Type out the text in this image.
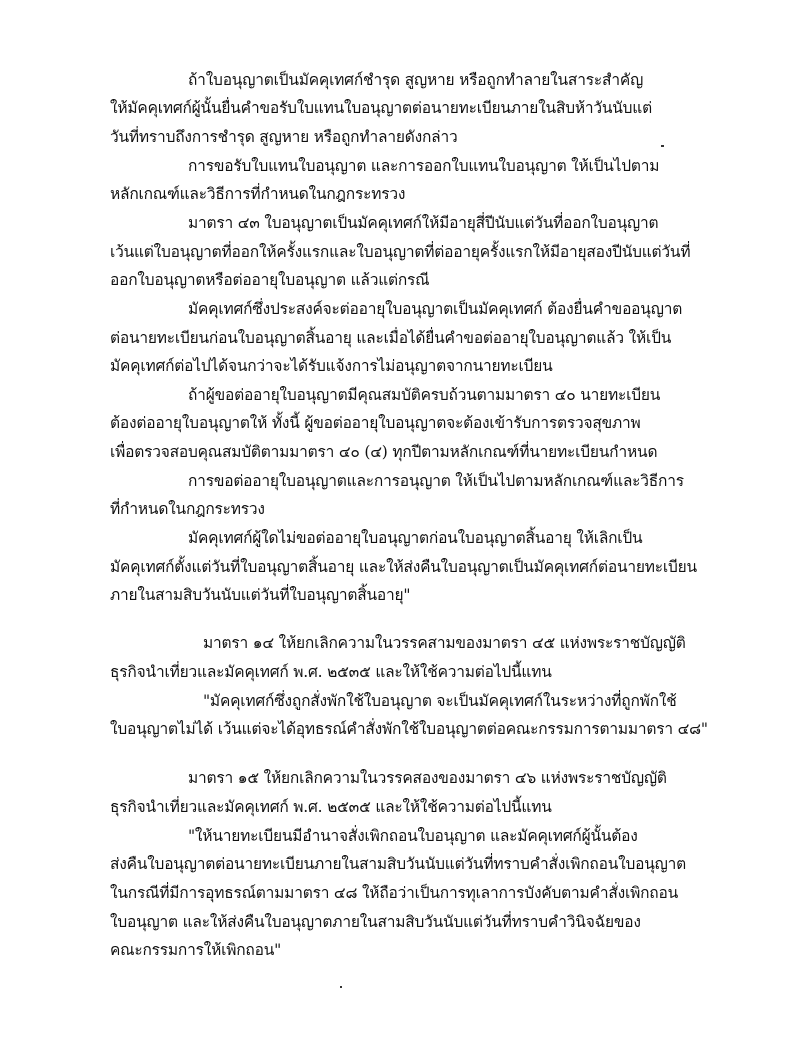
ถ้าใบอนุญาตเป็นมัคคุเทศก์ชำรุด สูญหาย หรือถูกทำลายในสาระสำคัญ
ให้มัคคุเทศก์ผู้นั้นยื่นคำขอรับใบแทนใบอนุญาตต่อนายทะเบียนภายในสิบห้าวันนับแต่
วันที่ทราบถึงการชำรุด สูญหาย หรือถูกทำลายดังกล่าว
การขอรับใบแทนใบอนุญาต และการออกใบแทนใบอนุญาต ให้เป็นไปตาม
หลักเกณฑ์และวิธีการที่กำหนดในกฎกระทรวง
มาตรา ๔๓ ใบอนุญาตเป็นมัคคุเทศก์ให้มีอายุสี่ปีนับแต่วันที่ออกใบอนุญาต
เว้นแต่ใบอนุญาตที่ออกให้ครั้งแรกและใบอนุญาตที่ต่ออายุครั้งแรกให้มีอายุสองปีนับแต่วันที่
ออกใบอนุญาตหรือต่ออายุใบอนุญาต แล้วแต่กรณี
มัคคุเทศก์ซึ่งประสงค์จะต่ออายุใบอนุญาตเป็นมัคคุเทศก์ ต้องยื่นคำขออนุญาต
ต่อนายทะเบียนก่อนใบอนุญาตสิ้นอายุ และเมื่อได้ยื่นคำขอต่ออายุใบอนุญาตแล้ว ให้เป็น
มัคคุเทศก์ต่อไปได้จนกว่าจะได้รับแจ้งการไม่อนุญาตจากนายทะเบียน
ถ้าผู้ขอต่ออายุใบอนุญาตมีคุณสมบัติครบถ้วนตามมาตรา ๔๐ นายทะเบียน
ต้องต่ออายุใบอนุญาตให้ ทั้งนี้ ผู้ขอต่ออายุใบอนุญาตจะต้องเข้ารับการตรวจสุขภาพ
เพื่อตรวจสอบคุณสมบัติตามมาตรา ๔๐ (๔) ทุกปีตามหลักเกณฑ์ที่นายทะเบียนกำหนด
การขอต่ออายุใบอนุญาตและการอนุญาต ให้เป็นไปตามหลักเกณฑ์และวิธีการ
ที่กำหนดในกฎกระทรวง
มัคคุเทศก์ผู้ใดไม่ขอต่ออายุใบอนุญาตก่อนใบอนุญาตสิ้นอายุ ให้เลิกเป็น
มัคคุเทศก์ตั้งแต่วันที่ใบอนุญาตสิ้นอายุ และให้ส่งคืนใบอนุญาตเป็นมัคคุเทศก์ต่อนายทะเบียน
ภายในสามสิบวันนับแต่วันที่ใบอนุญาตสิ้นอายุ"
มาตรา ๑๔ ให้ยกเลิกความในวรรคสามของมาตรา ๔๕ แห่งพระราชบัญญัติ
ธุรกิจนำเที่ยวและมัคคุเทศก์ พ.ศ. ๒๕๓๕ และให้ใช้ความต่อไปนี้แทน
"มัคคุเทศก์ซึ่งถูกสั่งพักใช้ใบอนุญาต จะเป็นมัคคุเทศก์ในระหว่างที่ถูกพักใช้
ใบอนุญาตไม่ได้ เว้นแต่จะได้อุทธรณ์คำสั่งพักใช้ใบอนุญาตต่อคณะกรรมการตามมาตรา ๔๘"
มาตรา ๑๕ ให้ยกเลิกความในวรรคสองของมาตรา ๔๖ แห่งพระราชบัญญัติ
ธุรกิจนำเที่ยวและมัคคุเทศก์ พ.ศ. ๒๕๓๕ และให้ใช้ความต่อไปนี้แทน
"ให้นายทะเบียนมีอำนาจสั่งเพิกถอนใบอนุญาต และมัคคุเทศก์ผู้นั้นต้อง
ส่งคืนใบอนุญาตต่อนายทะเบียนภายในสามสิบวันนับแต่วันที่ทราบคำสั่งเพิกถอนใบอนุญาต
ในกรณีที่มีการอุทธรณ์ตามมาตรา ๔๘ ให้ถือว่าเป็นการทุเลาการบังคับตามคำสั่งเพิกถอน
ใบอนุญาต และให้ส่งคืนใบอนุญาตภายในสามสิบวันนับแต่วันที่ทราบคำวินิจฉัยของ
คณะกรรมการให้เพิกถอน"
